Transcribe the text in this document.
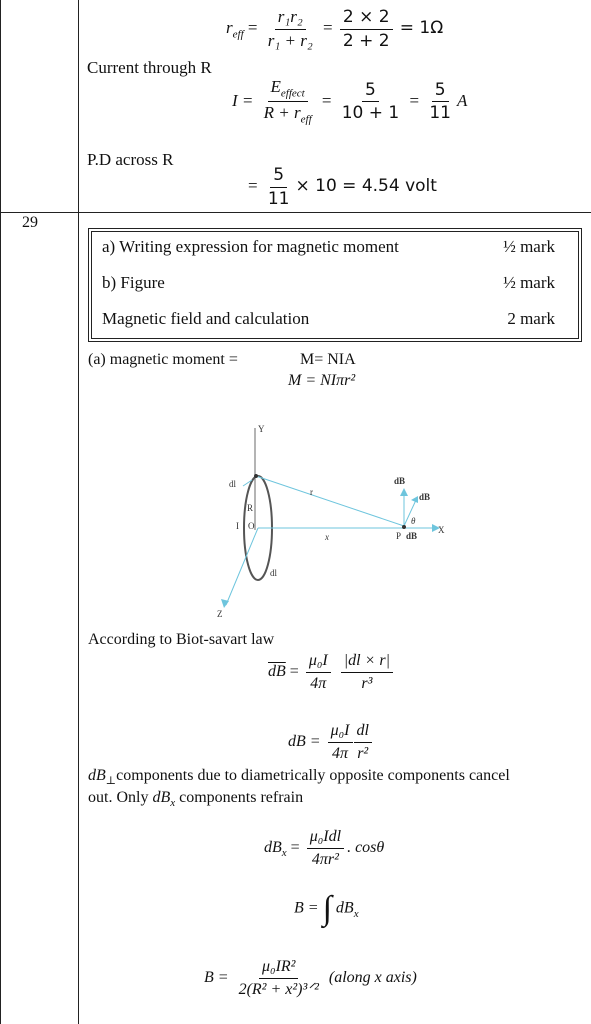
29
$r_{eff} = \frac{\text{r₁r₂}}{\text{r₁ + r₂}} = \frac{2 \times 2}{2 + 2} = 1\Omega$
Current through R
$I = \frac{E_{effect}}{R + r_{eff}} = \frac{5}{10 + 1} = \frac{5}{11}$ A
P.D across R
= $\frac{5}{11} \times 10 = 4.54$ volt
a) Writing expression for magnetic moment	½ mark
b) Figure	½ mark
Magnetic field and calculation	2 mark
(a) magnetic moment =	M= NIA
M = NIπr²
Y
Z
X
dl
dl
R
I O
r
x	P
dB
dB
dB
θ
According to Biot-savart law
$\overline{dB} = \frac{\text{μ₀I}}{4\pi}$
$\frac{|dl \times r|}{\text{r³}}$
dB = $\frac{\text{μ₀I}}{4\pi} \frac{dl}{\text{r²}}$
$dB_\perp components$ due to diametrically opposite components cancel
out. Only $dB_x$ components refrain
$dB_x = \frac{\text{μ₀Idl}}{\text{4πr²}}$ . cosθ
B = ∫ $dB_x$
$B = \frac{\text{μ₀IR²}}{\text{2(R² + x²)³ᐟ²}}$ (along x axis)
